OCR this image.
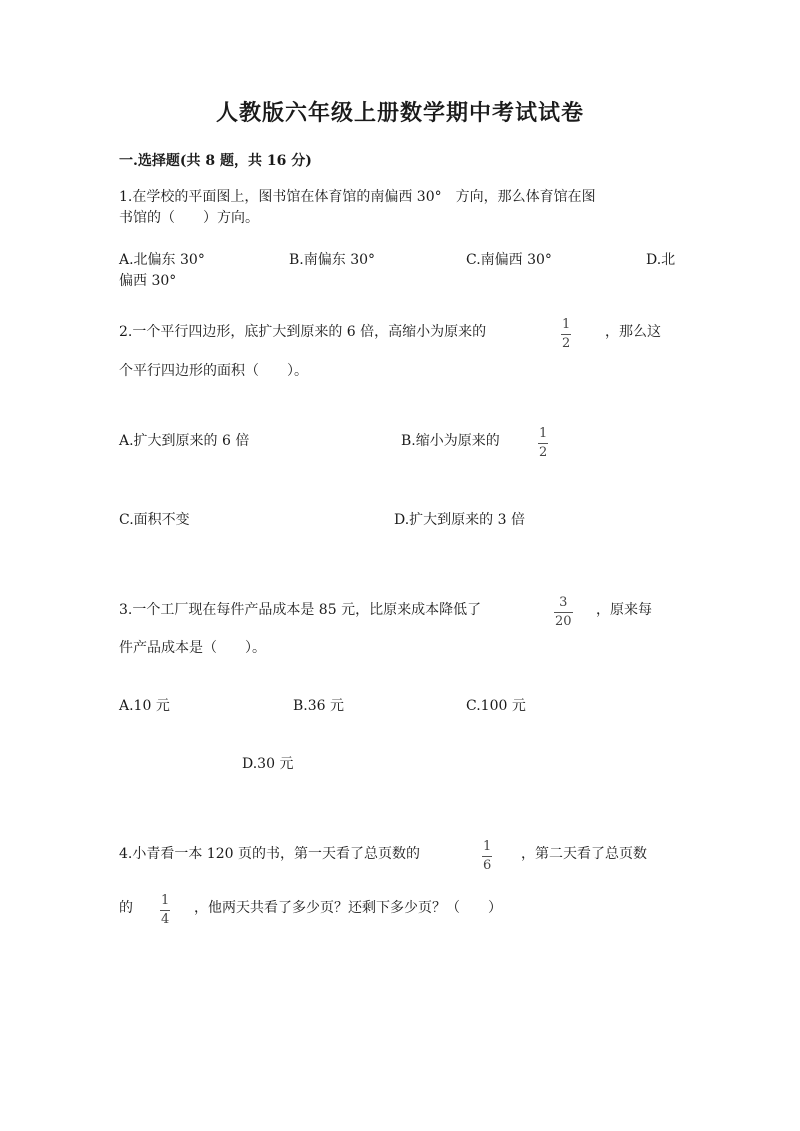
人教版六年级上册数学期中考试试卷
一.选择题(共 8 题，共 16 分)
1.在学校的平面图上，图书馆在体育馆的南偏西 30°　方向，那么体育馆在图
书馆的（　　）方向。
A.北偏东 30°	B.南偏东 30°	C.南偏西 30°	D.北
偏西 30°
2.一个平行四边形，底扩大到原来的 6 倍，高缩小为原来的	1
2
，那么这
个平行四边形的面积（　　）。
A.扩大到原来的 6 倍	B.缩小为原来的	1
2
C.面积不变	D.扩大到原来的 3 倍
3.一个工厂现在每件产品成本是 85 元，比原来成本降低了	3
20
，原来每
件产品成本是（　　）。
A.10 元	B.36 元	C.100 元
D.30 元
4.小青看一本 120 页的书，第一天看了总页数的	1
6
，第二天看了总页数
的 1
4
，他两天共看了多少页？还剩下多少页？（　　）
